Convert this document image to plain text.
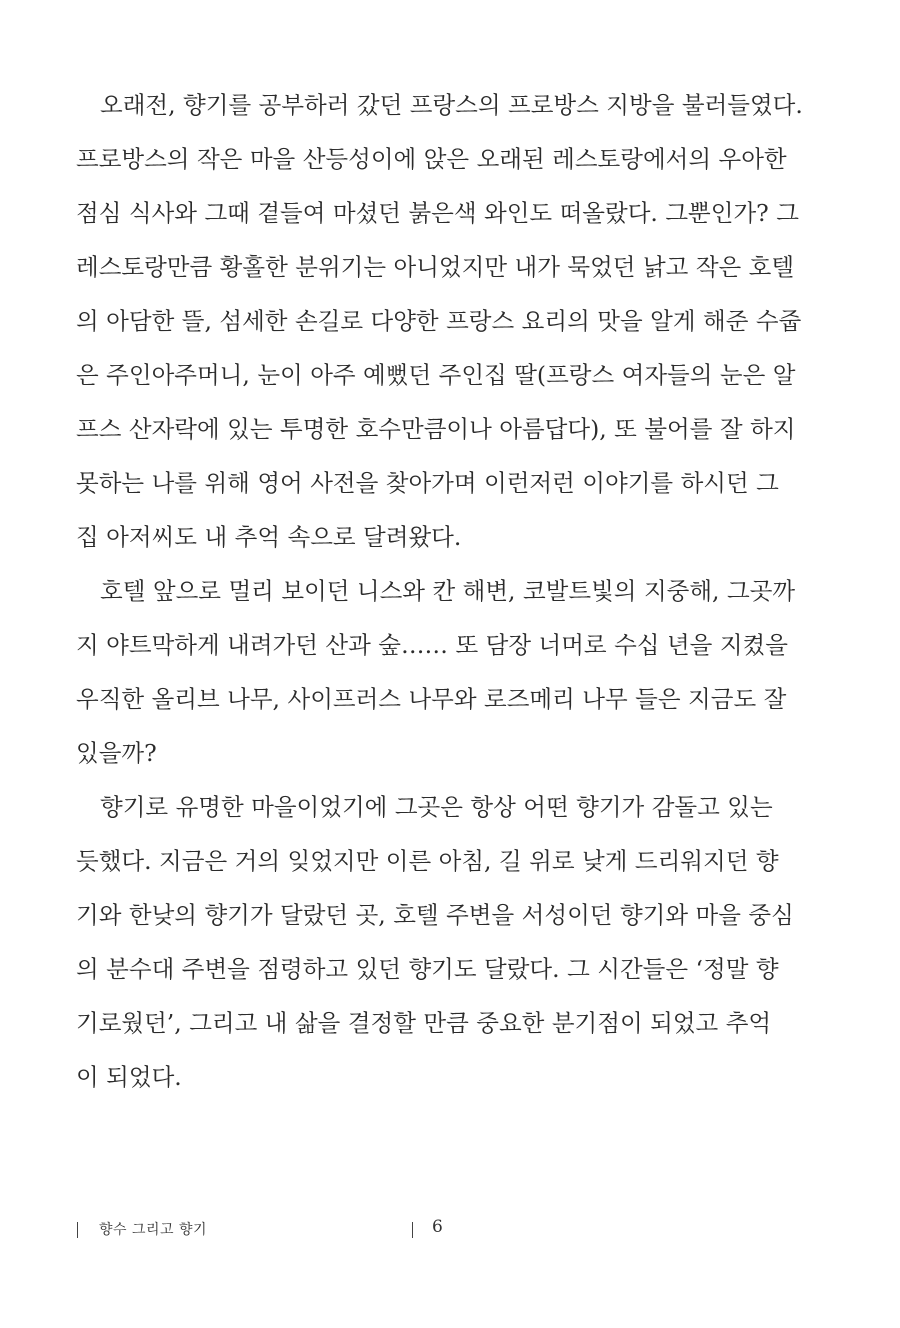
오래전, 향기를 공부하러 갔던 프랑스의 프로방스 지방을 불러들였다.
프로방스의 작은 마을 산등성이에 앉은 오래된 레스토랑에서의 우아한
점심 식사와 그때 곁들여 마셨던 붉은색 와인도 떠올랐다. 그뿐인가? 그
레스토랑만큼 황홀한 분위기는 아니었지만 내가 묵었던 낡고 작은 호텔
의 아담한 뜰, 섬세한 손길로 다양한 프랑스 요리의 맛을 알게 해준 수줍
은 주인아주머니, 눈이 아주 예뻤던 주인집 딸(프랑스 여자들의 눈은 알
프스 산자락에 있는 투명한 호수만큼이나 아름답다), 또 불어를 잘 하지
못하는 나를 위해 영어 사전을 찾아가며 이런저런 이야기를 하시던 그
집 아저씨도 내 추억 속으로 달려왔다.
호텔 앞으로 멀리 보이던 니스와 칸 해변, 코발트빛의 지중해, 그곳까
지 야트막하게 내려가던 산과 숲…… 또 담장 너머로 수십 년을 지켰을
우직한 올리브 나무, 사이프러스 나무와 로즈메리 나무 들은 지금도 잘
있을까?
향기로 유명한 마을이었기에 그곳은 항상 어떤 향기가 감돌고 있는
듯했다. 지금은 거의 잊었지만 이른 아침, 길 위로 낮게 드리워지던 향
기와 한낮의 향기가 달랐던 곳, 호텔 주변을 서성이던 향기와 마을 중심
의 분수대 주변을 점령하고 있던 향기도 달랐다. 그 시간들은 ‘정말 향
기로웠던’, 그리고 내 삶을 결정할 만큼 중요한 분기점이 되었고 추억
이 되었다.
향수 그리고 향기	6
